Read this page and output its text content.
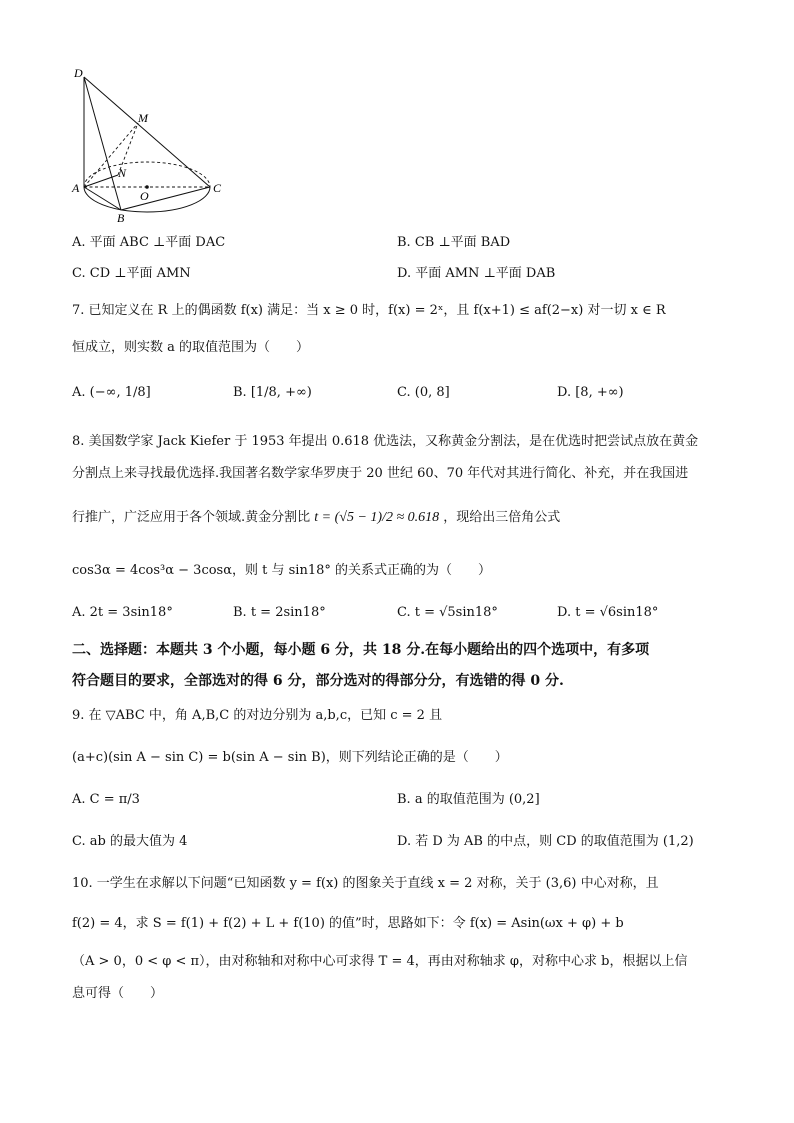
D
M
N
A
O
C
B
A. 平面 ABC ⊥平面 DAC	B. CB ⊥平面 BAD
C. CD ⊥平面 AMN	D. 平面 AMN ⊥平面 DAB
7. 已知定义在 R 上的偶函数 f(x) 满足：当 x ≥ 0 时，f(x) = 2ˣ，且 f(x+1) ≤ af(2−x) 对一切 x ∈ R
恒成立，则实数 a 的取值范围为（　　）
A. (−∞, 1/8]	B. [1/8, +∞)	C. (0, 8]	D. [8, +∞)
8. 美国数学家 Jack Kiefer 于 1953 年提出 0.618 优选法，又称黄金分割法，是在优选时把尝试点放在黄金
分割点上来寻找最优选择.我国著名数学家华罗庚于 20 世纪 60、70 年代对其进行简化、补充，并在我国进
行推广，广泛应用于各个领域.黄金分割比 t = (√5 − 1)/2 ≈ 0.618 ，现给出三倍角公式
cos3α = 4cos³α − 3cosα，则 t 与 sin18° 的关系式正确的为（　　）
A. 2t = 3sin18°	B. t = 2sin18°	C. t = √5sin18°	D. t = √6sin18°
二、选择题：本题共 3 个小题，每小题 6 分，共 18 分.在每小题给出的四个选项中，有多项
符合题目的要求，全部选对的得 6 分，部分选对的得部分分，有选错的得 0 分.
9. 在 ▽ABC 中，角 A,B,C 的对边分别为 a,b,c，已知 c = 2 且
(a+c)(sin A − sin C) = b(sin A − sin B)，则下列结论正确的是（　　）
A. C = π/3	B. a 的取值范围为 (0,2]
C. ab 的最大值为 4	D. 若 D 为 AB 的中点，则 CD 的取值范围为 (1,2)
10. 一学生在求解以下问题“已知函数 y = f(x) 的图象关于直线 x = 2 对称，关于 (3,6) 中心对称，且
f(2) = 4，求 S = f(1) + f(2) + L + f(10) 的值”时，思路如下：令 f(x) = Asin(ωx + φ) + b
（A > 0，0 < φ < π），由对称轴和对称中心可求得 T = 4，再由对称轴求 φ，对称中心求 b，根据以上信
息可得（　　）
